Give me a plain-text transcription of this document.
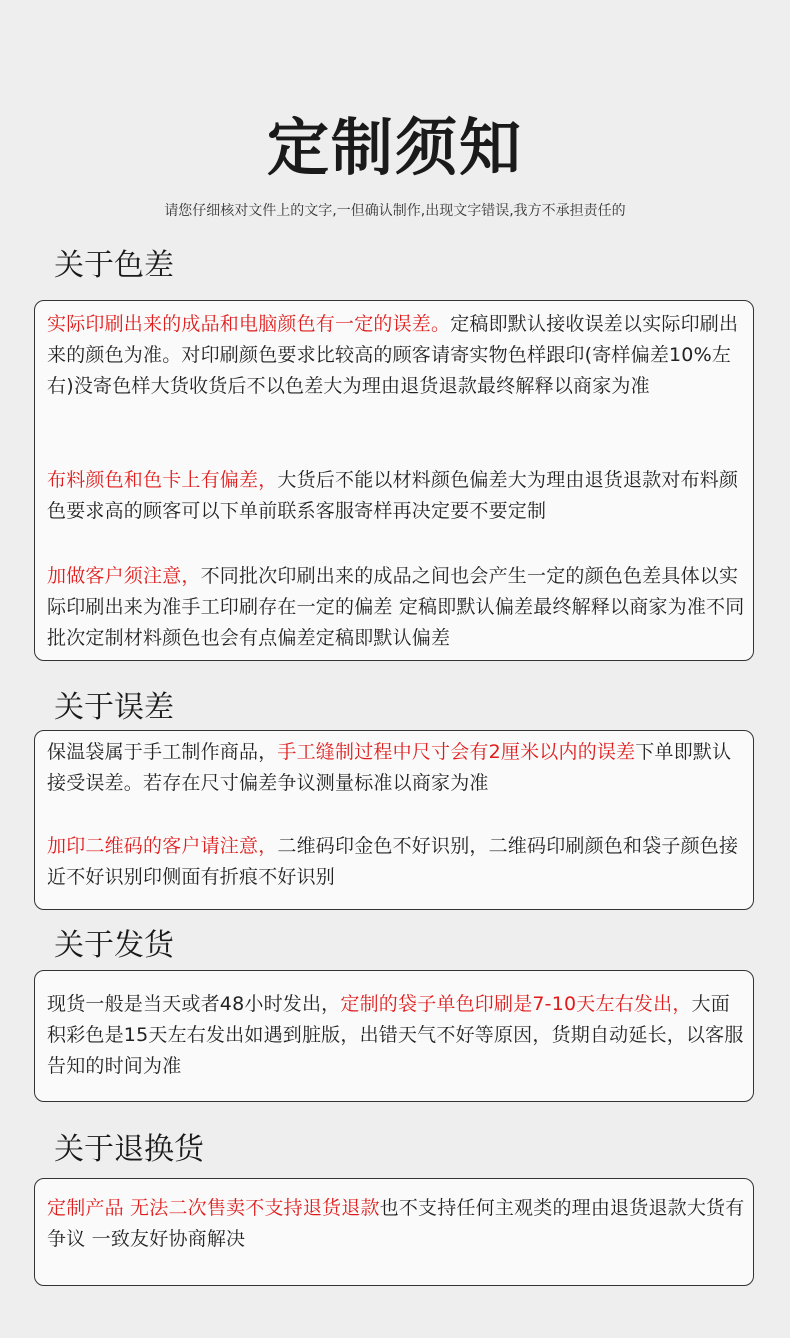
定制须知
请您仔细核对文件上的文字,一但确认制作,出现文字错误,我方不承担责任的
关于色差
实际印刷出来的成品和电脑颜色有一定的误差。定稿即默认接收误差以实际印刷出来的颜色为准。对印刷颜色要求比较高的顾客请寄实物色样跟印(寄样偏差10%左右)没寄色样大货收货后不以色差大为理由退货退款最终解释以商家为准
布料颜色和色卡上有偏差，大货后不能以材料颜色偏差大为理由退货退款对布料颜色要求高的顾客可以下单前联系客服寄样再决定要不要定制
加做客户须注意，不同批次印刷出来的成品之间也会产生一定的颜色色差具体以实际印刷出来为准手工印刷存在一定的偏差 定稿即默认偏差最终解释以商家为准不同批次定制材料颜色也会有点偏差定稿即默认偏差
关于误差
保温袋属于手工制作商品，手工缝制过程中尺寸会有2厘米以内的误差下单即默认接受误差。若存在尺寸偏差争议测量标准以商家为准
加印二维码的客户请注意，二维码印金色不好识别，二维码印刷颜色和袋子颜色接近不好识别印侧面有折痕不好识别
关于发货
现货一般是当天或者48小时发出，定制的袋子单色印刷是7-10天左右发出，大面积彩色是15天左右发出如遇到脏版，出错天气不好等原因，货期自动延长，以客服告知的时间为准
关于退换货
定制产品 无法二次售卖不支持退货退款也不支持任何主观类的理由退货退款大货有争议 一致友好协商解决
